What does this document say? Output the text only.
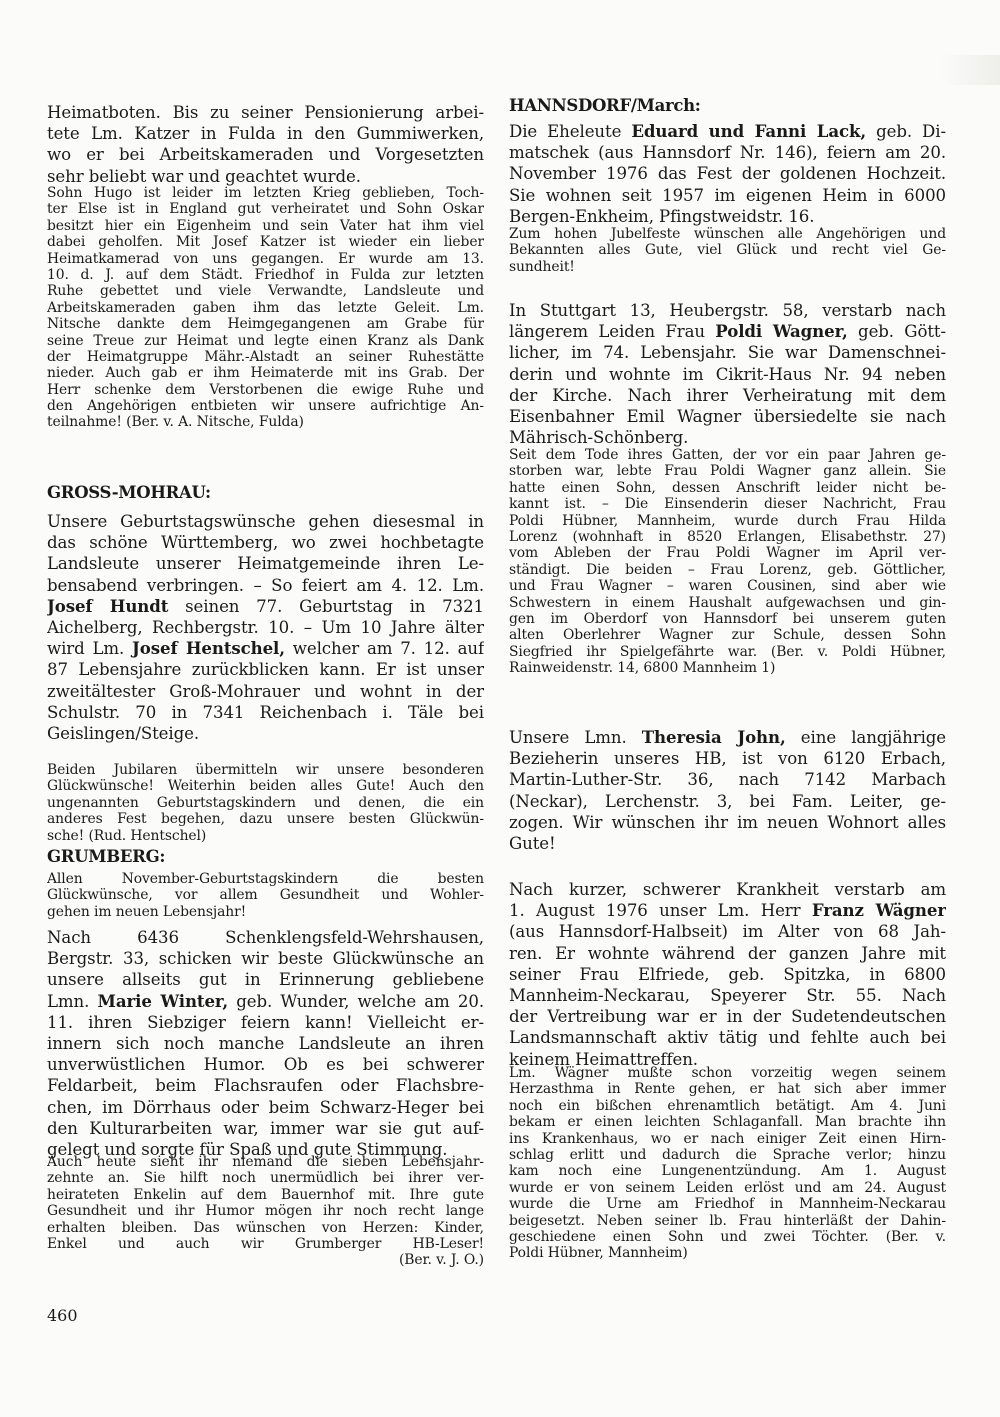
Heimatboten. Bis zu seiner Pensionierung arbei-
tete Lm. Katzer in Fulda in den Gummiwerken,
wo er bei Arbeitskameraden und Vorgesetzten
sehr beliebt war und geachtet wurde.
Sohn Hugo ist leider im letzten Krieg geblieben, Toch-
ter Else ist in England gut verheiratet und Sohn Oskar
besitzt hier ein Eigenheim und sein Vater hat ihm viel
dabei geholfen. Mit Josef Katzer ist wieder ein lieber
Heimatkamerad von uns gegangen. Er wurde am 13.
10. d. J. auf dem Städt. Friedhof in Fulda zur letzten
Ruhe gebettet und viele Verwandte, Landsleute und
Arbeitskameraden gaben ihm das letzte Geleit. Lm.
Nitsche dankte dem Heimgegangenen am Grabe für
seine Treue zur Heimat und legte einen Kranz als Dank
der Heimatgruppe Mähr.-Alstadt an seiner Ruhestätte
nieder. Auch gab er ihm Heimaterde mit ins Grab. Der
Herr schenke dem Verstorbenen die ewige Ruhe und
den Angehörigen entbieten wir unsere aufrichtige An-
teilnahme! (Ber. v. A. Nitsche, Fulda)
GROSS-MOHRAU:
Unsere Geburtstagswünsche gehen diesesmal in
das schöne Württemberg, wo zwei hochbetagte
Landsleute unserer Heimatgemeinde ihren Le-
bensabend verbringen. – So feiert am 4. 12. Lm.
Josef Hundt seinen 77. Geburtstag in 7321
Aichelberg, Rechbergstr. 10. – Um 10 Jahre älter
wird Lm. Josef Hentschel, welcher am 7. 12. auf
87 Lebensjahre zurückblicken kann. Er ist unser
zweitältester Groß-Mohrauer und wohnt in der
Schulstr. 70 in 7341 Reichenbach i. Täle bei
Geislingen/Steige.
Beiden Jubilaren übermitteln wir unsere besonderen
Glückwünsche! Weiterhin beiden alles Gute! Auch den
ungenannten Geburtstagskindern und denen, die ein
anderes Fest begehen, dazu unsere besten Glückwün-
sche! (Rud. Hentschel)
GRUMBERG:
Allen November-Geburtstagskindern die besten
Glückwünsche, vor allem Gesundheit und Wohler-
gehen im neuen Lebensjahr!
Nach 6436 Schenklengsfeld-Wehrshausen,
Bergstr. 33, schicken wir beste Glückwünsche an
unsere allseits gut in Erinnerung gebliebene
Lmn. Marie Winter, geb. Wunder, welche am 20.
11. ihren Siebziger feiern kann! Vielleicht er-
innern sich noch manche Landsleute an ihren
unverwüstlichen Humor. Ob es bei schwerer
Feldarbeit, beim Flachsraufen oder Flachsbre-
chen, im Dörrhaus oder beim Schwarz-Heger bei
den Kulturarbeiten war, immer war sie gut auf-
gelegt und sorgte für Spaß und gute Stimmung.
Auch heute sieht ihr niemand die sieben Lebensjahr-
zehnte an. Sie hilft noch unermüdlich bei ihrer ver-
heirateten Enkelin auf dem Bauernhof mit. Ihre gute
Gesundheit und ihr Humor mögen ihr noch recht lange
erhalten bleiben. Das wünschen von Herzen: Kinder,
Enkel und auch wir Grumberger HB-Leser!
(Ber. v. J. O.)
HANNSDORF/March:
Die Eheleute Eduard und Fanni Lack, geb. Di-
matschek (aus Hannsdorf Nr. 146), feiern am 20.
November 1976 das Fest der goldenen Hochzeit.
Sie wohnen seit 1957 im eigenen Heim in 6000
Bergen-Enkheim, Pfingstweidstr. 16.
Zum hohen Jubelfeste wünschen alle Angehörigen und
Bekannten alles Gute, viel Glück und recht viel Ge-
sundheit!
In Stuttgart 13, Heubergstr. 58, verstarb nach
längerem Leiden Frau Poldi Wagner, geb. Gött-
licher, im 74. Lebensjahr. Sie war Damenschnei-
derin und wohnte im Cikrit-Haus Nr. 94 neben
der Kirche. Nach ihrer Verheiratung mit dem
Eisenbahner Emil Wagner übersiedelte sie nach
Mährisch-Schönberg.
Seit dem Tode ihres Gatten, der vor ein paar Jahren ge-
storben war, lebte Frau Poldi Wagner ganz allein. Sie
hatte einen Sohn, dessen Anschrift leider nicht be-
kannt ist. – Die Einsenderin dieser Nachricht, Frau
Poldi Hübner, Mannheim, wurde durch Frau Hilda
Lorenz (wohnhaft in 8520 Erlangen, Elisabethstr. 27)
vom Ableben der Frau Poldi Wagner im April ver-
ständigt. Die beiden – Frau Lorenz, geb. Göttlicher,
und Frau Wagner – waren Cousinen, sind aber wie
Schwestern in einem Haushalt aufgewachsen und gin-
gen im Oberdorf von Hannsdorf bei unserem guten
alten Oberlehrer Wagner zur Schule, dessen Sohn
Siegfried ihr Spielgefährte war. (Ber. v. Poldi Hübner,
Rainweidenstr. 14, 6800 Mannheim 1)
Unsere Lmn. Theresia John, eine langjährige
Bezieherin unseres HB, ist von 6120 Erbach,
Martin-Luther-Str. 36, nach 7142 Marbach
(Neckar), Lerchenstr. 3, bei Fam. Leiter, ge-
zogen. Wir wünschen ihr im neuen Wohnort alles
Gute!
Nach kurzer, schwerer Krankheit verstarb am
1. August 1976 unser Lm. Herr Franz Wägner
(aus Hannsdorf-Halbseit) im Alter von 68 Jah-
ren. Er wohnte während der ganzen Jahre mit
seiner Frau Elfriede, geb. Spitzka, in 6800
Mannheim-Neckarau, Speyerer Str. 55. Nach
der Vertreibung war er in der Sudetendeutschen
Landsmannschaft aktiv tätig und fehlte auch bei
keinem Heimattreffen.
Lm. Wägner mußte schon vorzeitig wegen seinem
Herzasthma in Rente gehen, er hat sich aber immer
noch ein bißchen ehrenamtlich betätigt. Am 4. Juni
bekam er einen leichten Schlaganfall. Man brachte ihn
ins Krankenhaus, wo er nach einiger Zeit einen Hirn-
schlag erlitt und dadurch die Sprache verlor; hinzu
kam noch eine Lungenentzündung. Am 1. August
wurde er von seinem Leiden erlöst und am 24. August
wurde die Urne am Friedhof in Mannheim-Neckarau
beigesetzt. Neben seiner lb. Frau hinterläßt der Dahin-
geschiedene einen Sohn und zwei Töchter. (Ber. v.
Poldi Hübner, Mannheim)
460
